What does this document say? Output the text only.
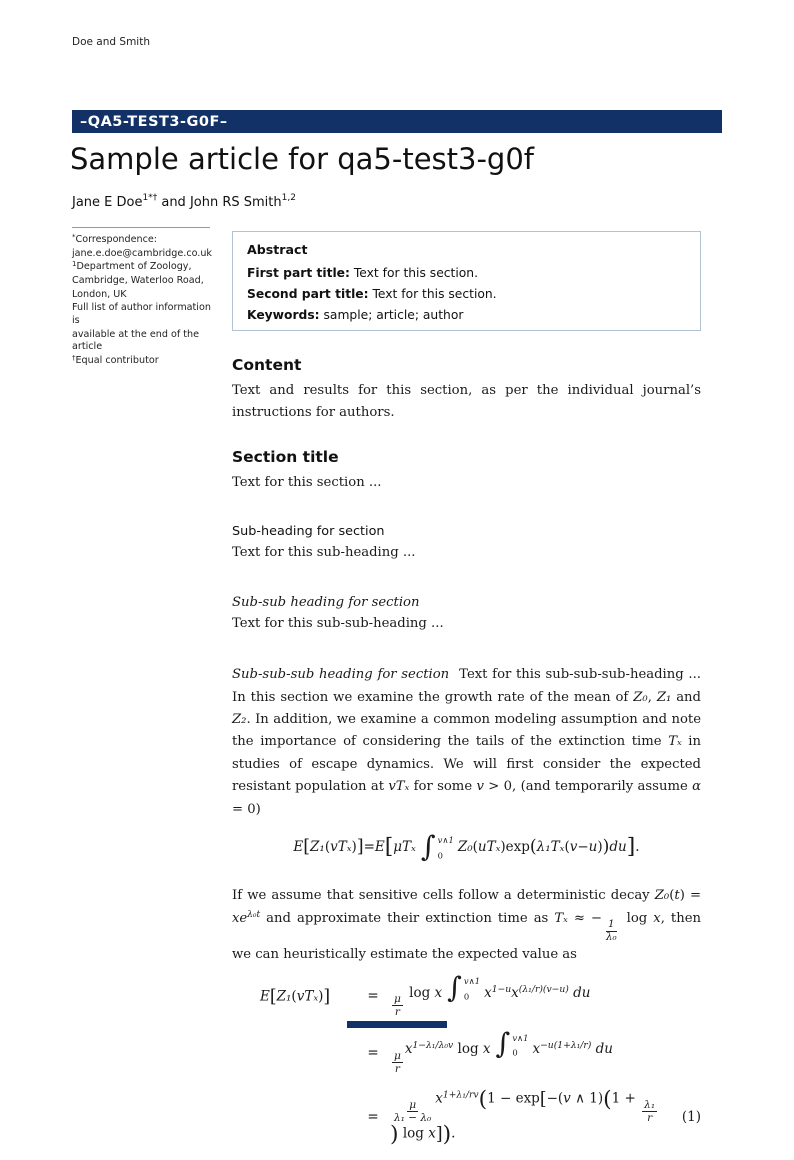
Doe and Smith
–QA5-TEST3-G0F–
Sample article for qa5-test3-g0f
Jane E Doe$^{1*\dagger}$ and John RS Smith$^{1,2}$
*Correspondence:
jane.e.doe@cambridge.co.uk
$^1$Department of Zoology,
Cambridge, Waterloo Road,
London, UK
Full list of author information is
available at the end of the article
†Equal contributor
Abstract
First part title: Text for this section.
Second part title: Text for this section.
Keywords: sample; article; author
Content

Text and results for this section, as per the individual journal’s instructions for authors.

Section title

Text for this section ...

Sub-heading for section

Text for this sub-heading ...

Sub-sub heading for section

Text for this sub-sub-heading ...

Sub-sub-sub heading for section Text for this sub-sub-sub-heading ... In this section we examine the growth rate of the mean of Z₀, Z₁ and Z₂. In addition, we examine a common modeling assumption and note the importance of considering the tails of the extinction time Tₓ in studies of escape dynamics. We will first consider the expected resistant population at vTₓ for some v > 0, (and temporarily assume α = 0)

E [ Z₁ ( vTₓ ) ] = E [ μTₓ ∫ v∧1
0
Z₀ ( uTₓ ) exp ( λ₁Tₓ ( v − u ) ) du ] .

If we assume that sensitive cells follow a deterministic decay $Z_0(t) = xe^{\lambda_0t}$ and approximate their extinction time as Tₓ ≈ −
$\frac{1}{\text{λ₀}}$
log x, then we can heuristically estimate the expected value as

E[Z₁(vTₓ)]	=	$\frac{\mu}{r}$
log x ∫ v∧1
0	$x^{1-u}x^{(\lambda_1/r)(v-u)}$ du
=	$\frac{\mu}{r}$
$x^{1-\lambda_1/\lambda_0v}$ log x ∫ v∧1
0	$x^{-u(1+\lambda_1/r)}$ du
=	$\frac{\mu}{\text{λ₁ − λ₀}}$
$x^{1+\lambda_1/rv}(1 - \exp[-(v$ ∧ 1)(1 +
$\frac{\text{λ₁}}{r}$
) log x]).
(1)
